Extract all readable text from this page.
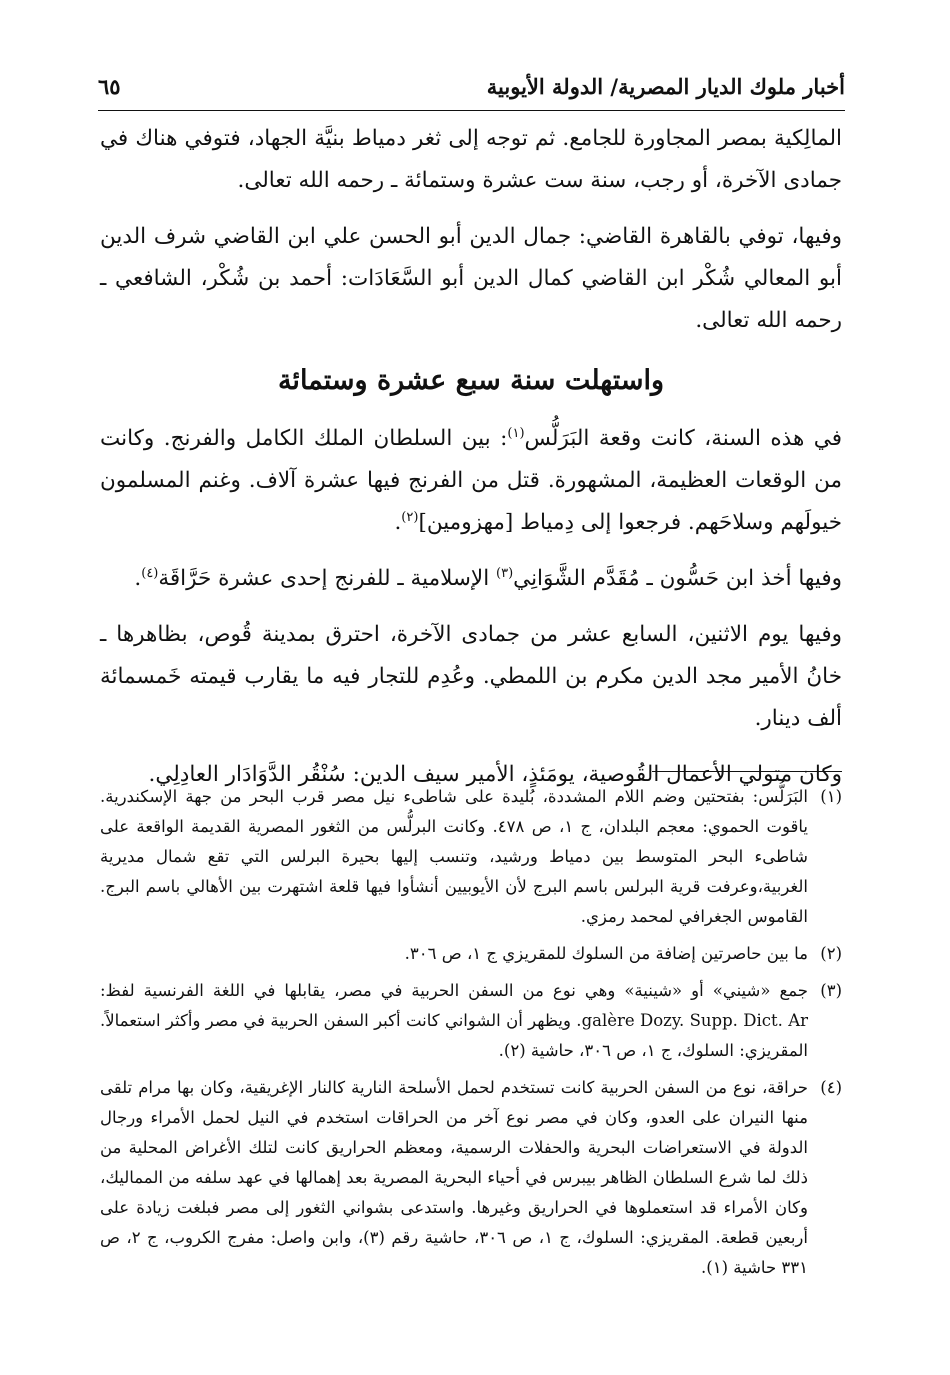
أخبار ملوك الديار المصرية/ الدولة الأيوبية
٦٥

المالِكية بمصر المجاورة للجامع. ثم توجه إلى ثغر دمياط بنيَّة الجهاد، فتوفي هناك في جمادى الآخرة، أو رجب، سنة ست عشرة وستمائة ـ رحمه الله تعالى.

وفيها، توفي بالقاهرة القاضي: جمال الدين أبو الحسن علي ابن القاضي شرف الدين أبو المعالي شُكْر ابن القاضي كمال الدين أبو السَّعَادَات: أحمد بن شُكْر، الشافعي ـ رحمه الله تعالى.

واستهلت سنة سبع عشرة وستمائة

في هذه السنة، كانت وقعة البَرَلُّس$^{(١)}$: بين السلطان الملك الكامل والفرنج. وكانت من الوقعات العظيمة، المشهورة. قتل من الفرنج فيها عشرة آلاف. وغنم المسلمون خيولَهم وسلاحَهم. فرجعوا إلى دِمياط [مهزومين]$^{(٢)}$.

وفيها أخذ ابن حَسُّون ـ مُقَدَّم الشَّوَانِي$^{(٣)}$ الإسلامية ـ للفرنج إحدى عشرة حَرَّاقَة$^{(٤)}$.

وفيها يوم الاثنين، السابع عشر من جمادى الآخرة، احترق بمدينة قُوص، بظاهرها ـ خانُ الأمير مجد الدين مكرم بن اللمطي. وعُدِم للتجار فيه ما يقارب قيمته خَمسمائة ألف دينار.

وكان متولي الأعمال القُوصية، يومَئذٍ، الأمير سيف الدين: سُنْقُر الدَّوَادَار العادِلِي.

(١)
البَرَلُّس: بفتحتين وضم اللام المشددة، بُليدة على شاطىء نيل مصر قرب البحر من جهة الإسكندرية. ياقوت الحموي: معجم البلدان، ج ١، ص ٤٧٨. وكانت البرلُّس من الثغور المصرية القديمة الواقعة على شاطىء البحر المتوسط بين دمياط ورشيد، وتنسب إليها بحيرة البرلس التي تقع شمال مديرية الغربية،وعرفت قرية البرلس باسم البرج لأن الأيوبيين أنشأوا فيها قلعة اشتهرت بين الأهالي باسم البرج. القاموس الجغرافي لمحمد رمزي.
(٢)
ما بين حاصرتين إضافة من السلوك للمقريزي ج ١، ص ٣٠٦.
(٣)
جمع «شيني» أو «شينية» وهي نوع من السفن الحربية في مصر، يقابلها في اللغة الفرنسية لفظ: galère Dozy. Supp. Dict. Ar. ويظهر أن الشواني كانت أكبر السفن الحربية في مصر وأكثر استعمالاً. المقريزي: السلوك، ج ١، ص ٣٠٦، حاشية (٢).
(٤)
حراقة، نوع من السفن الحربية كانت تستخدم لحمل الأسلحة النارية كالنار الإغريقية، وكان بها مرام تلقى منها النيران على العدو، وكان في مصر نوع آخر من الحراقات استخدم في النيل لحمل الأمراء ورجال الدولة في الاستعراضات البحرية والحفلات الرسمية، ومعظم الحراريق كانت لتلك الأغراض المحلية من ذلك لما شرع السلطان الظاهر بيبرس في أحياء البحرية المصرية بعد إهمالها في عهد سلفه من المماليك، وكان الأمراء قد استعملوها في الحراريق وغيرها. واستدعى بشواني الثغور إلى مصر فبلغت زيادة على أربعين قطعة. المقريزي: السلوك، ج ١، ص ٣٠٦، حاشية رقم (٣)، وابن واصل: مفرج الكروب، ج ٢، ص ٣٣١ حاشية (١).
